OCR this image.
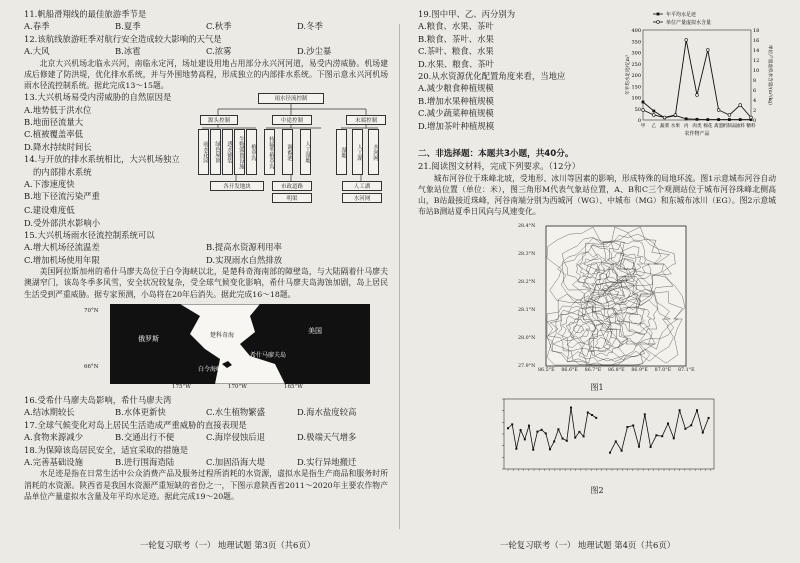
11.帆船滑翔线的最佳旅游季节是
A.春季	B.夏季	C.秋季	D.冬季
12.该航线旅游旺季对航行安全造成较大影响的天气是
A.大风	B.冰雹	C.浓雾	D.沙尘暴
北京大兴机场北临永兴河，南临永定河，场址建设用地占用部分永兴河河道，易受内涝威胁。机场建成后修建了防洪堤，优化排水系统，并与外围地势高程，形成独立的内部排水系统。下图示意永兴河机场雨水径流控制系统。据此完成13～15题。
13.大兴机场易受内涝威胁的自然原因是
A.地势低于洪水位
B.地面径流量大
C.植被覆盖率低
D.降水持续时间长
14.与开放的排水系统相比，大兴机场独立
的内部排水系统
A.下渗速度快
B.地下径流污染严重
雨水径流控制
源头控制	中途控制	末端控制
雨水花园	绿色屋顶	透水铺装	生物滞留设施	植草沟	转输型植草沟	调蓄池	人工湿地	湿地	人工湖	水河网
各开发地块	市政道路
明渠
人工湖
水河网
C.建设难度低
D.受外部洪水影响小
15.大兴机场雨水径流控制系统可以
A.增大机场径流温差	B.提高水资源利用率
C.增加机场使用年限	D.实现雨水自然排放
美国阿拉斯加州的希什马廖夫岛位于白令海峡以北，是楚科奇海南部的障壁岛，与大陆隔着什马廖夫澳湖窄门，该岛冬季多风雪，安全状况较复杂，受全球气候变化影响，希什马廖夫岛海蚀加剧，岛上居民生活受到严重威胁。据专家预测，小岛将在20年后消失。据此完成16～18题。
俄罗斯
美国
楚科奇海
希什马廖夫岛
白令海峡
175°W	170°W	165°W
70°N
66°N
16.受希什马廖夫岛影响，希什马廖夫湾
A.结冰期较长	B.水体更新快	C.水生植物繁盛	D.海水盐度较高
17.全球气候变化对岛上居民生活造成严重威胁的直接表现是
A.食物来源减少	B.交通出行不便	C.海岸侵蚀后退	D.极端天气增多
18.为保障该岛居民安全，适宜采取的措施是
A.完善基础设施	B.进行围海造陆	C.加固沿海大堤	D.实行异地搬迁
水足迹是指在日常生活中公众消费产品及服务过程所消耗的水资源，虚拟水是指生产商品和服务时所消耗的水资源。陕西省是我国水资源严重短缺的省份之一，下图示意陕西省2011～2020年主要农作物产品单位产量虚拟水含量及年平均水足迹。据此完成19～20题。
一轮复习联考（一） 地理试题 第3页（共6页）
19.图中甲、乙、丙分别为
A.粮食、水果、茶叶
B.粮食、茶叶、水果
C.茶叶、粮食、水果
D.水果、粮食、茶叶
20.从水资源优化配置角度来看，当地应
A.减少粮食种植规模
B.增加水果种植规模
C.减少蔬菜种植规模
D.增加茶叶种植规模	0
50
100
150
200
250
300
350
400
0
2
4
6
8
10
12
14
16
18
甲 乙 蔬菜 水果 丙 肉类 棉花 禽蛋 奶制品 油料 糖料
农作物产品
年平均水足迹
单位产量虚拟水含量
年平均水足迹/亿m³	单位产量虚拟水含量/(m³/kg)
二、非选择题：本题共3小题，共40分。
21.阅读图文材料，完成下列要求。（12分）
城布河谷位于珠峰北坡，受地形、冰川等因素的影响，形成特殊的局地环流。图1示意城布河谷自动气象站位置（单位：米），图三角形M代表气象站位置，A、B和C三个观测站位于城布河谷珠峰北侧高山，B站最接近珠峰，河谷南端分别为西城河（WG）、中城布（MG）和东城布冰川（EG）。图2示意城布站B测站夏季日风向与风速变化。
28.4°N
28.3°N
28.2°N
28.1°N
28.0°N
27.9°N
86.5°E 86.6°E 86.7°E 86.8°E 86.9°E 87.0°E 87.1°E
图1
图2
一轮复习联考（一） 地理试题 第4页（共6页）
